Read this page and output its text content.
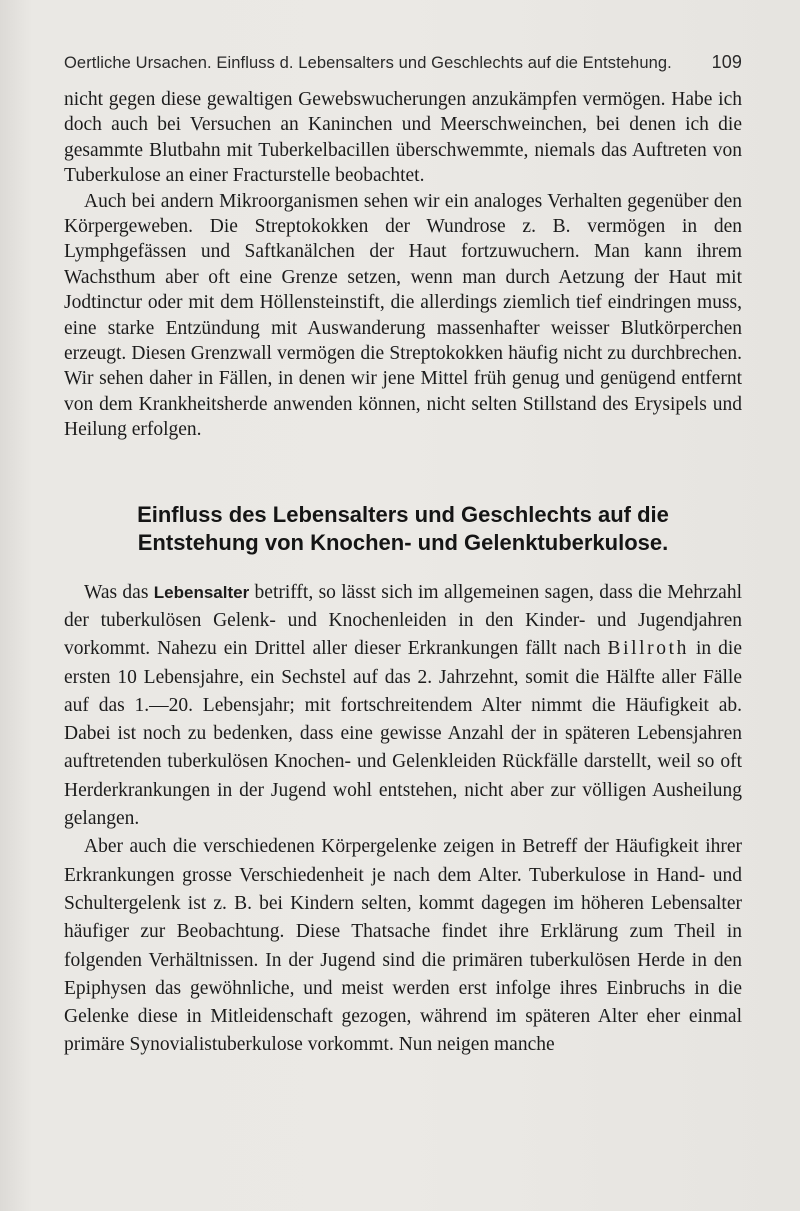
Oertliche Ursachen. Einfluss d. Lebensalters und Geschlechts auf die Entstehung. 109

nicht gegen diese gewaltigen Gewebswucherungen anzukämpfen vermögen. Habe ich doch auch bei Versuchen an Kaninchen und Meerschweinchen, bei denen ich die gesammte Blutbahn mit Tuberkelbacillen überschwemmte, niemals das Auftreten von Tuberkulose an einer Fracturstelle beobachtet.

Auch bei andern Mikroorganismen sehen wir ein analoges Verhalten gegenüber den Körpergeweben. Die Streptokokken der Wundrose z. B. vermögen in den Lymphgefässen und Saftkanälchen der Haut fortzuwuchern. Man kann ihrem Wachsthum aber oft eine Grenze setzen, wenn man durch Aetzung der Haut mit Jodtinctur oder mit dem Höllensteinstift, die allerdings ziemlich tief eindringen muss, eine starke Entzündung mit Auswanderung massenhafter weisser Blutkörperchen erzeugt. Diesen Grenzwall vermögen die Streptokokken häufig nicht zu durchbrechen. Wir sehen daher in Fällen, in denen wir jene Mittel früh genug und genügend entfernt von dem Krankheitsherde anwenden können, nicht selten Stillstand des Erysipels und Heilung erfolgen.

Einfluss des Lebensalters und Geschlechts auf die Entstehung von Knochen- und Gelenktuberkulose.

Was das Lebensalter betrifft, so lässt sich im allgemeinen sagen, dass die Mehrzahl der tuberkulösen Gelenk- und Knochenleiden in den Kinder- und Jugendjahren vorkommt. Nahezu ein Drittel aller dieser Erkrankungen fällt nach Billroth in die ersten 10 Lebensjahre, ein Sechstel auf das 2. Jahrzehnt, somit die Hälfte aller Fälle auf das 1.—20. Lebensjahr; mit fortschreitendem Alter nimmt die Häufigkeit ab. Dabei ist noch zu bedenken, dass eine gewisse Anzahl der in späteren Lebensjahren auftretenden tuberkulösen Knochen- und Gelenkleiden Rückfälle darstellt, weil so oft Herderkrankungen in der Jugend wohl entstehen, nicht aber zur völligen Ausheilung gelangen.

Aber auch die verschiedenen Körpergelenke zeigen in Betreff der Häufigkeit ihrer Erkrankungen grosse Verschiedenheit je nach dem Alter. Tuberkulose in Hand- und Schultergelenk ist z. B. bei Kindern selten, kommt dagegen im höheren Lebensalter häufiger zur Beobachtung. Diese Thatsache findet ihre Erklärung zum Theil in folgenden Verhältnissen. In der Jugend sind die primären tuberkulösen Herde in den Epiphysen das gewöhnliche, und meist werden erst infolge ihres Einbruchs in die Gelenke diese in Mitleidenschaft gezogen, während im späteren Alter eher einmal primäre Synovialistuberkulose vorkommt. Nun neigen manche
